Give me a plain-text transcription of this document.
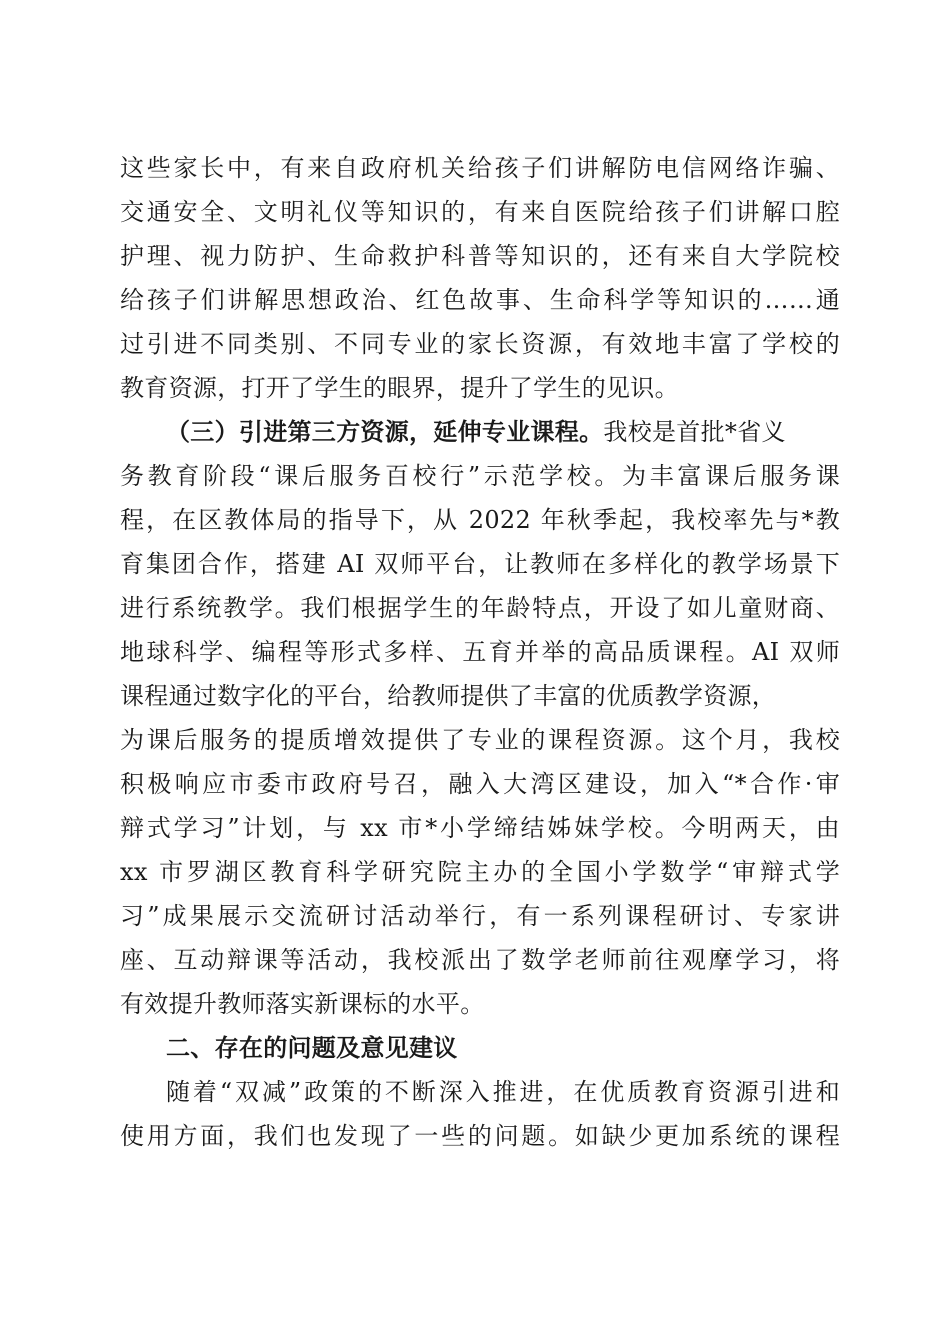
这些家长中，有来自政府机关给孩子们讲解防电信网络诈骗、
交通安全、文明礼仪等知识的，有来自医院给孩子们讲解口腔
护理、视力防护、生命救护科普等知识的，还有来自大学院校
给孩子们讲解思想政治、红色故事、生命科学等知识的……通
过引进不同类别、不同专业的家长资源，有效地丰富了学校的
教育资源，打开了学生的眼界，提升了学生的见识。
（三）引进第三方资源，延伸专业课程。我校是首批*省义
务教育阶段“课后服务百校行”示范学校。为丰富课后服务课
程，在区教体局的指导下，从 2022 年秋季起，我校率先与*教
育集团合作，搭建 AI 双师平台，让教师在多样化的教学场景下
进行系统教学。我们根据学生的年龄特点，开设了如儿童财商、
地球科学、编程等形式多样、五育并举的高品质课程。AI 双师
课程通过数字化的平台，给教师提供了丰富的优质教学资源，
为课后服务的提质增效提供了专业的课程资源。这个月，我校
积极响应市委市政府号召，融入大湾区建设，加入“*合作·审
辩式学习”计划，与 xx 市*小学缔结姊妹学校。今明两天，由
xx 市罗湖区教育科学研究院主办的全国小学数学“审辩式学
习”成果展示交流研讨活动举行，有一系列课程研讨、专家讲
座、互动辩课等活动，我校派出了数学老师前往观摩学习，将
有效提升教师落实新课标的水平。
二、存在的问题及意见建议
随着“双减”政策的不断深入推进，在优质教育资源引进和
使用方面，我们也发现了一些的问题。如缺少更加系统的课程
